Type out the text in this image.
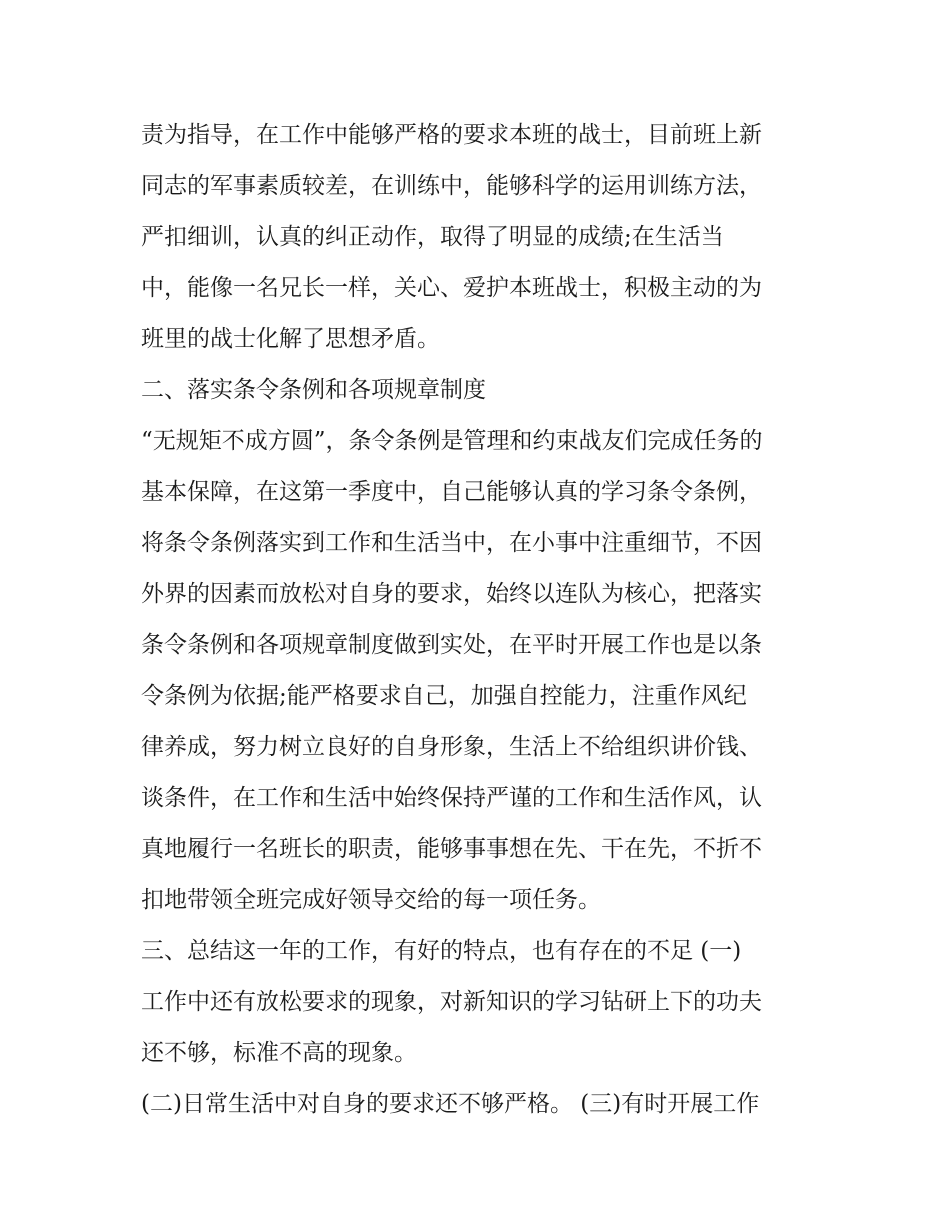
责为指导，在工作中能够严格的要求本班的战士，目前班上新
同志的军事素质较差，在训练中，能够科学的运用训练方法，
严扣细训，认真的纠正动作，取得了明显的成绩;在生活当
中，能像一名兄长一样，关心、爱护本班战士，积极主动的为
班里的战士化解了思想矛盾。
二、落实条令条例和各项规章制度
“无规矩不成方圆”，条令条例是管理和约束战友们完成任务的
基本保障，在这第一季度中，自己能够认真的学习条令条例，
将条令条例落实到工作和生活当中，在小事中注重细节，不因
外界的因素而放松对自身的要求，始终以连队为核心，把落实
条令条例和各项规章制度做到实处，在平时开展工作也是以条
令条例为依据;能严格要求自己，加强自控能力，注重作风纪
律养成，努力树立良好的自身形象，生活上不给组织讲价钱、
谈条件，在工作和生活中始终保持严谨的工作和生活作风，认
真地履行一名班长的职责，能够事事想在先、干在先，不折不
扣地带领全班完成好领导交给的每一项任务。
三、总结这一年的工作，有好的特点，也有存在的不足 (一)
工作中还有放松要求的现象，对新知识的学习钻研上下的功夫
还不够，标准不高的现象。
(二)日常生活中对自身的要求还不够严格。 (三)有时开展工作
